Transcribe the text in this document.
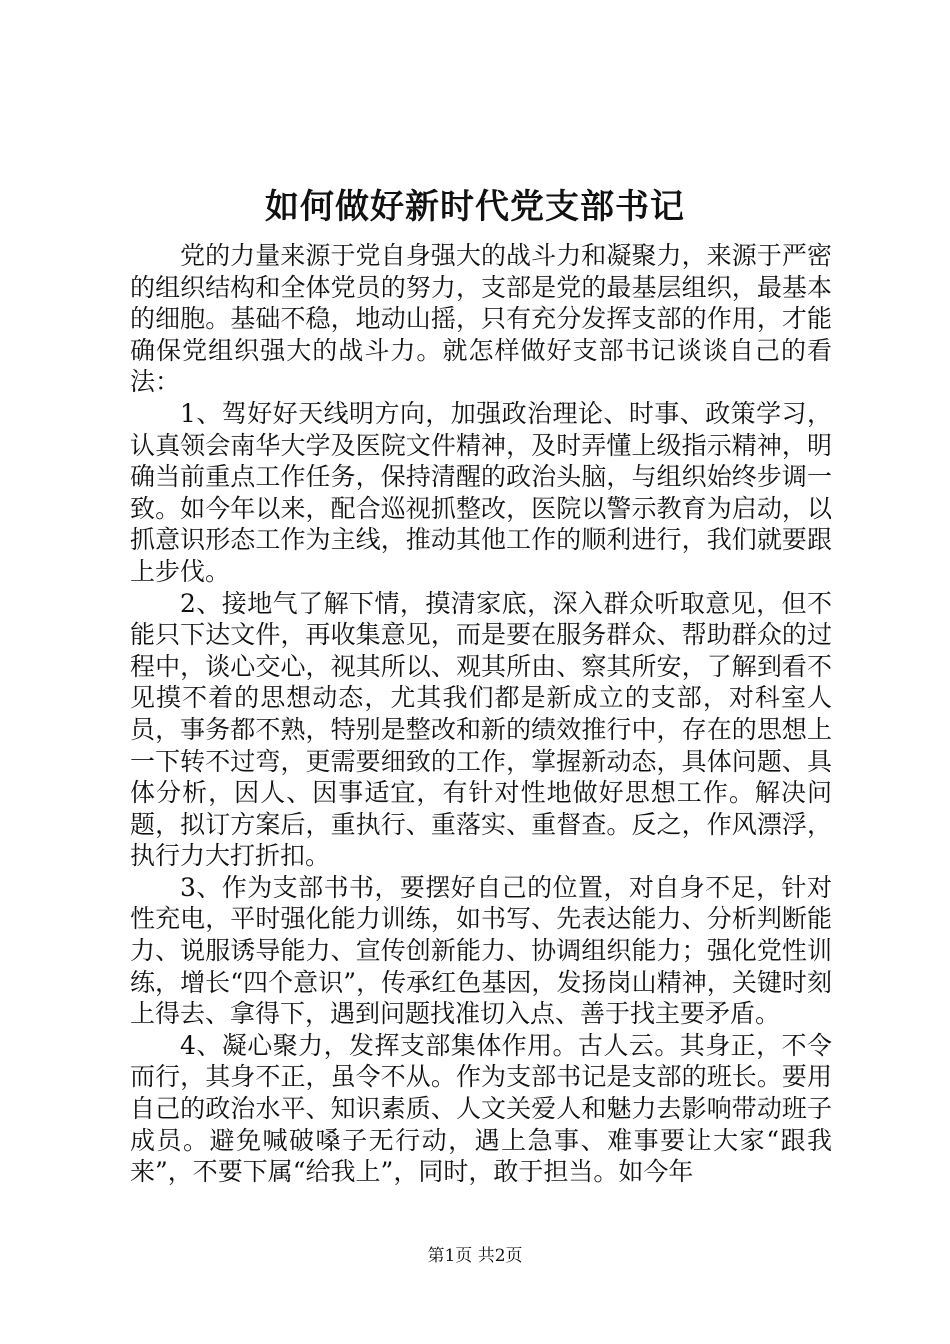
如何做好新时代党支部书记

党的力量来源于党自身强大的战斗力和凝聚力，来源于严密的组织结构和全体党员的努力，支部是党的最基层组织，最基本的细胞。基础不稳，地动山摇，只有充分发挥支部的作用，才能确保党组织强大的战斗力。就怎样做好支部书记谈谈自己的看法：

1、驾好好天线明方向，加强政治理论、时事、政策学习，认真领会南华大学及医院文件精神，及时弄懂上级指示精神，明确当前重点工作任务，保持清醒的政治头脑，与组织始终步调一致。如今年以来，配合巡视抓整改，医院以警示教育为启动，以抓意识形态工作为主线，推动其他工作的顺利进行，我们就要跟上步伐。

2、接地气了解下情，摸清家底，深入群众听取意见，但不能只下达文件，再收集意见，而是要在服务群众、帮助群众的过程中，谈心交心，视其所以、观其所由、察其所安，了解到看不见摸不着的思想动态，尤其我们都是新成立的支部，对科室人员，事务都不熟，特别是整改和新的绩效推行中，存在的思想上一下转不过弯，更需要细致的工作，掌握新动态，具体问题、具体分析，因人、因事适宜，有针对性地做好思想工作。解决问题，拟订方案后，重执行、重落实、重督查。反之，作风漂浮，执行力大打折扣。

3、作为支部书书，要摆好自己的位置，对自身不足，针对性充电，平时强化能力训练，如书写、先表达能力、分析判断能力、说服诱导能力、宣传创新能力、协调组织能力；强化党性训练，增长“四个意识”，传承红色基因，发扬岗山精神，关键时刻上得去、拿得下，遇到问题找准切入点、善于找主要矛盾。

4、凝心聚力，发挥支部集体作用。古人云。其身正，不令而行，其身不正，虽令不从。作为支部书记是支部的班长。要用自己的政治水平、知识素质、人文关爱人和魅力去影响带动班子成员。避免喊破嗓子无行动，遇上急事、难事要让大家“跟我来”，不要下属“给我上”，同时，敢于担当。如今年

第1页 共2页
